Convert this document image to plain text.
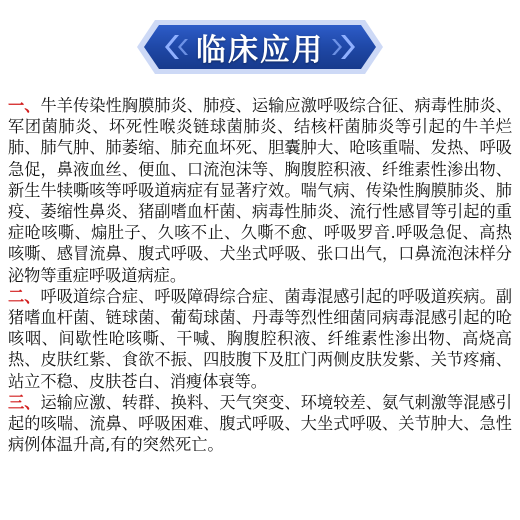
临床应用

一、牛羊传染性胸膜肺炎、肺疫、运输应激呼吸综合征、病毒性肺炎、军团菌肺炎、坏死性喉炎链球菌肺炎、结核杆菌肺炎等引起的牛羊烂肺、肺气肿、肺萎缩、肺充血坏死、胆囊肿大、呛咳重喘、发热、呼吸急促，鼻液血丝、便血、口流泡沫等、胸腹腔积液、纤维素性渗出物、新生牛犊嘶咳等呼吸道病症有显著疗效。喘气病、传染性胸膜肺炎、肺疫、萎缩性鼻炎、猪副嗜血杆菌、病毒性肺炎、流行性感冒等引起的重症呛咳嘶、煽肚子、久咳不止、久嘶不愈、呼吸罗音.呼吸急促、高热咳嘶、感冒流鼻、腹式呼吸、犬坐式呼吸、张口出气，口鼻流泡沫样分泌物等重症呼吸道病症。

二、呼吸道综合症、呼吸障碍综合症、菌毒混感引起的呼吸道疾病。副猪嗜血杆菌、链球菌、葡萄球菌、丹毒等烈性细菌同病毒混感引起的呛咳咽、间歇性呛咳嘶、干喊、胸腹腔积液、纤维素性渗出物、高烧高热、皮肤红紫、食欲不振、四肢腹下及肛门两侧皮肤发紫、关节疼痛、站立不稳、皮肤苍白、消瘦体衰等。

三、运输应激、转群、换料、天气突变、环境较差、氨气刺激等混感引起的咳喘、流鼻、呼吸困难、腹式呼吸、大坐式呼吸、关节肿大、急性病例体温升高,有的突然死亡。
